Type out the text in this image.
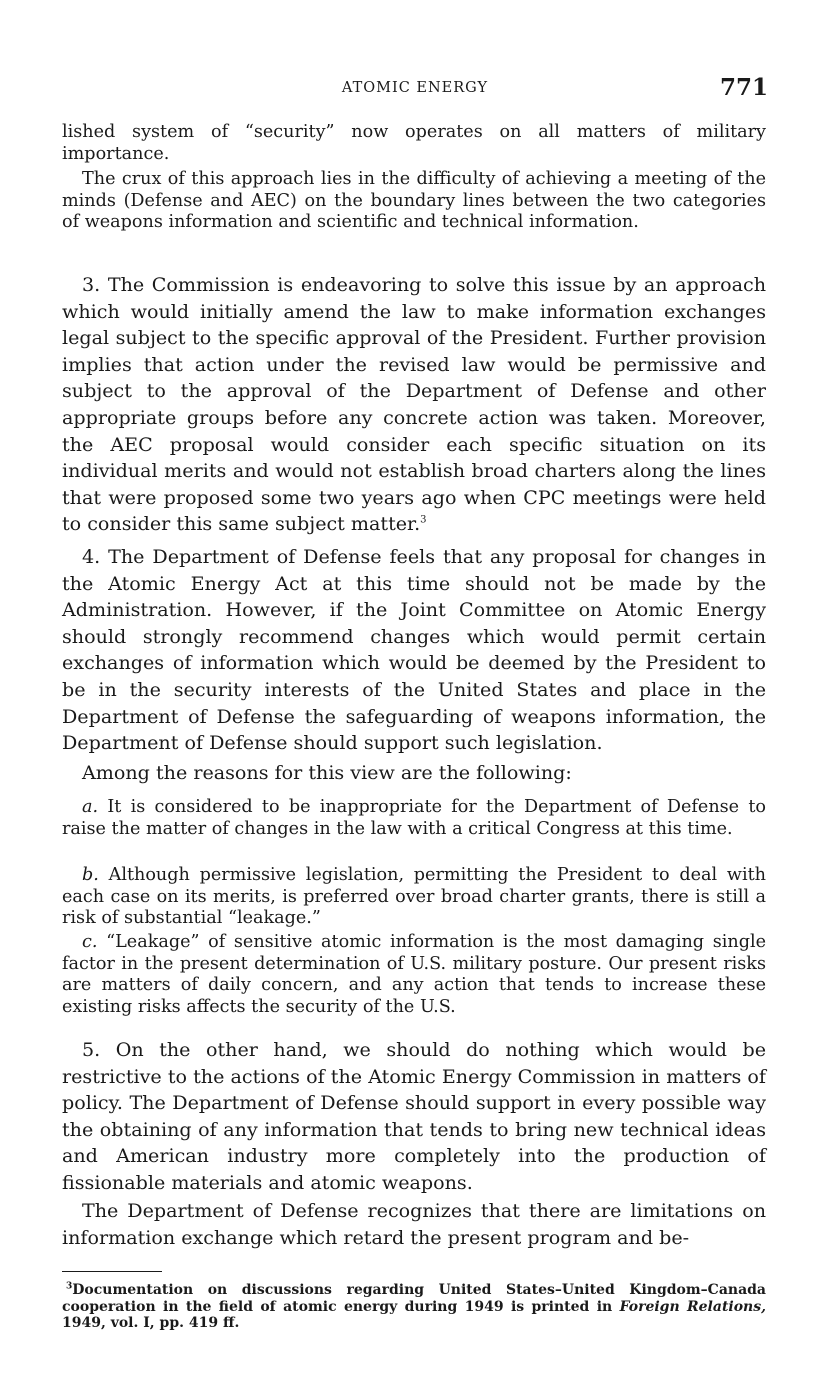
ATOMIC ENERGY	771

lished system of “security” now operates on all matters of military importance.

The crux of this approach lies in the difficulty of achieving a meeting of the minds (Defense and AEC) on the boundary lines between the two categories of weapons information and scientific and technical information.

3. The Commission is endeavoring to solve this issue by an approach which would initially amend the law to make information exchanges legal subject to the specific approval of the President. Further provision implies that action under the revised law would be permissive and subject to the approval of the Department of Defense and other appropriate groups before any concrete action was taken. Moreover, the AEC proposal would consider each specific situation on its individual merits and would not establish broad charters along the lines that were proposed some two years ago when CPC meetings were held to consider this same subject matter.$^3$

4. The Department of Defense feels that any proposal for changes in the Atomic Energy Act at this time should not be made by the Administration. However, if the Joint Committee on Atomic Energy should strongly recommend changes which would permit certain exchanges of information which would be deemed by the President to be in the security interests of the United States and place in the Department of Defense the safeguarding of weapons information, the Department of Defense should support such legislation.

Among the reasons for this view are the following:

a. It is considered to be inappropriate for the Department of Defense to raise the matter of changes in the law with a critical Congress at this time.

b. Although permissive legislation, permitting the President to deal with each case on its merits, is preferred over broad charter grants, there is still a risk of substantial “leakage.”

c. “Leakage” of sensitive atomic information is the most damaging single factor in the present determination of U.S. military posture. Our present risks are matters of daily concern, and any action that tends to increase these existing risks affects the security of the U.S.

5. On the other hand, we should do nothing which would be restrictive to the actions of the Atomic Energy Commission in matters of policy. The Department of Defense should support in every possible way the obtaining of any information that tends to bring new technical ideas and American industry more completely into the production of fissionable materials and atomic weapons.

The Department of Defense recognizes that there are limitations on information exchange which retard the present program and be-

$^3$Documentation on discussions regarding United States–United Kingdom–Canada cooperation in the field of atomic energy during 1949 is printed in Foreign Relations, 1949, vol. I, pp. 419 ff.
